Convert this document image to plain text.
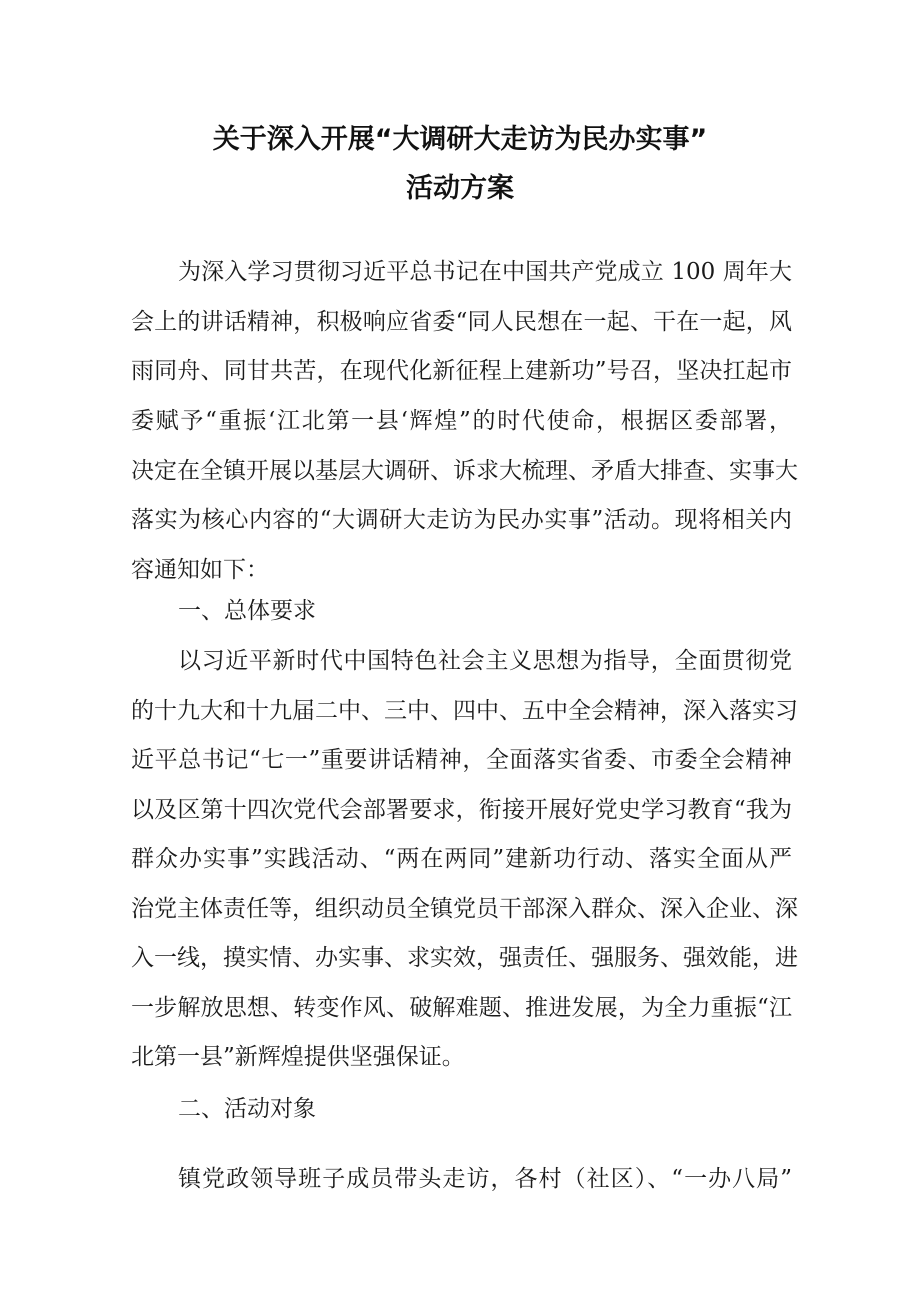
关于深入开展“大调研大走访为民办实事”
活动方案
为深入学习贯彻习近平总书记在中国共产党成立 100 周年大
会上的讲话精神，积极响应省委“同人民想在一起、干在一起，风
雨同舟、同甘共苦，在现代化新征程上建新功”号召，坚决扛起市
委赋予“重振‘江北第一县‘辉煌”的时代使命，根据区委部署，
决定在全镇开展以基层大调研、诉求大梳理、矛盾大排查、实事大
落实为核心内容的“大调研大走访为民办实事”活动。现将相关内
容通知如下：
一、总体要求
以习近平新时代中国特色社会主义思想为指导，全面贯彻党
的十九大和十九届二中、三中、四中、五中全会精神，深入落实习
近平总书记“七一”重要讲话精神，全面落实省委、市委全会精神
以及区第十四次党代会部署要求，衔接开展好党史学习教育“我为
群众办实事”实践活动、“两在两同”建新功行动、落实全面从严
治党主体责任等，组织动员全镇党员干部深入群众、深入企业、深
入一线，摸实情、办实事、求实效，强责任、强服务、强效能，进
一步解放思想、转变作风、破解难题、推进发展，为全力重振“江
北第一县”新辉煌提供坚强保证。
二、活动对象
镇党政领导班子成员带头走访，各村（社区）、“一办八局”
